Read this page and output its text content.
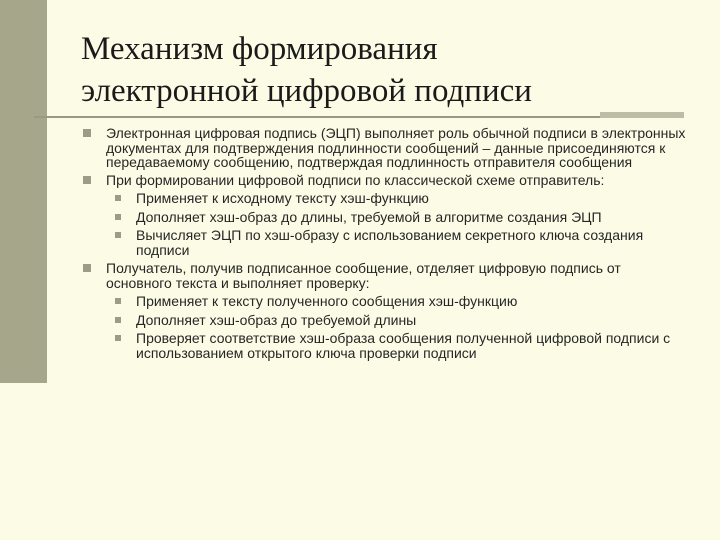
Механизм формирования
электронной цифровой подписи
Электронная цифровая подпись (ЭЦП) выполняет роль обычной подписи в электронных документах для подтверждения подлинности сообщений – данные присоединяются к передаваемому сообщению, подтверждая подлинность отправителя сообщения
При формировании цифровой подписи по классической схеме отправитель:
Применяет к исходному тексту хэш-функцию
Дополняет хэш-образ до длины, требуемой в алгоритме создания ЭЦП
Вычисляет ЭЦП по хэш-образу с использованием секретного ключа создания подписи
Получатель, получив подписанное сообщение, отделяет цифровую подпись от основного текста и выполняет проверку:
Применяет к тексту полученного сообщения хэш-функцию
Дополняет хэш-образ до требуемой длины
Проверяет соответствие хэш-образа сообщения полученной цифровой подписи с использованием открытого ключа проверки подписи
